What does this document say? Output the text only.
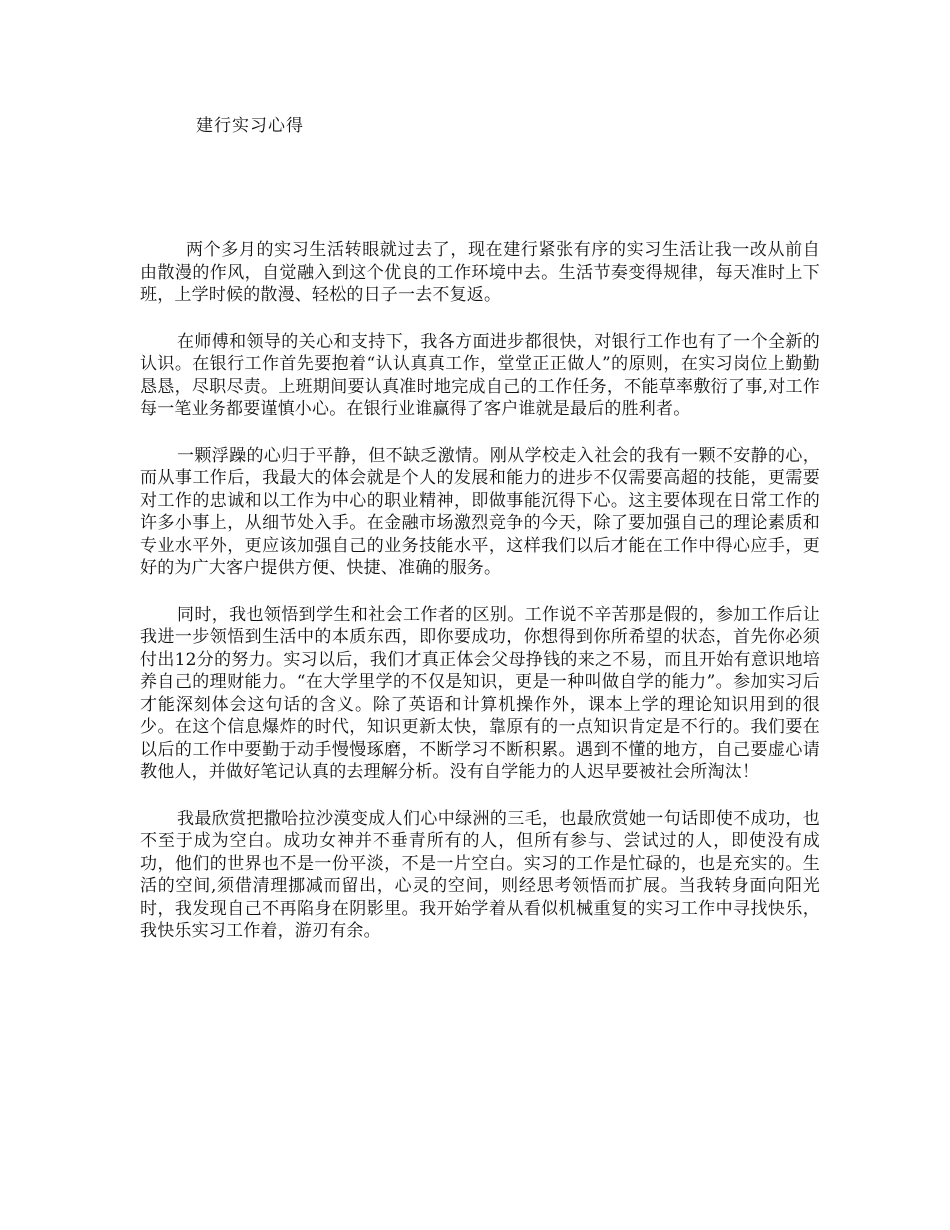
建行实习心得

两个多月的实习生活转眼就过去了，现在建行紧张有序的实习生活让我一改从前自由散漫的作风，自觉融入到这个优良的工作环境中去。生活节奏变得规律，每天准时上下班，上学时候的散漫、轻松的日子一去不复返。

在师傅和领导的关心和支持下，我各方面进步都很快，对银行工作也有了一个全新的认识。在银行工作首先要抱着“认认真真工作，堂堂正正做人”的原则，在实习岗位上勤勤恳恳，尽职尽责。上班期间要认真准时地完成自己的工作任务，不能草率敷衍了事,对工作每一笔业务都要谨慎小心。在银行业谁赢得了客户谁就是最后的胜利者。

一颗浮躁的心归于平静，但不缺乏激情。刚从学校走入社会的我有一颗不安静的心，而从事工作后，我最大的体会就是个人的发展和能力的进步不仅需要高超的技能，更需要对工作的忠诚和以工作为中心的职业精神，即做事能沉得下心。这主要体现在日常工作的许多小事上，从细节处入手。在金融市场激烈竞争的今天，除了要加强自己的理论素质和专业水平外，更应该加强自己的业务技能水平，这样我们以后才能在工作中得心应手，更好的为广大客户提供方便、快捷、准确的服务。

同时，我也领悟到学生和社会工作者的区别。工作说不辛苦那是假的，参加工作后让我进一步领悟到生活中的本质东西，即你要成功，你想得到你所希望的状态，首先你必须付出12分的努力。实习以后，我们才真正体会父母挣钱的来之不易，而且开始有意识地培养自己的理财能力。“在大学里学的不仅是知识，更是一种叫做自学的能力”。参加实习后才能深刻体会这句话的含义。除了英语和计算机操作外，课本上学的理论知识用到的很少。在这个信息爆炸的时代，知识更新太快，靠原有的一点知识肯定是不行的。我们要在以后的工作中要勤于动手慢慢琢磨，不断学习不断积累。遇到不懂的地方，自己要虚心请教他人，并做好笔记认真的去理解分析。没有自学能力的人迟早要被社会所淘汰！

我最欣赏把撒哈拉沙漠变成人们心中绿洲的三毛，也最欣赏她一句话即使不成功，也不至于成为空白。成功女神并不垂青所有的人，但所有参与、尝试过的人，即使没有成功，他们的世界也不是一份平淡，不是一片空白。实习的工作是忙碌的，也是充实的。生活的空间,须借清理挪减而留出，心灵的空间，则经思考领悟而扩展。当我转身面向阳光时，我发现自己不再陷身在阴影里。我开始学着从看似机械重复的实习工作中寻找快乐，我快乐实习工作着，游刃有余。
